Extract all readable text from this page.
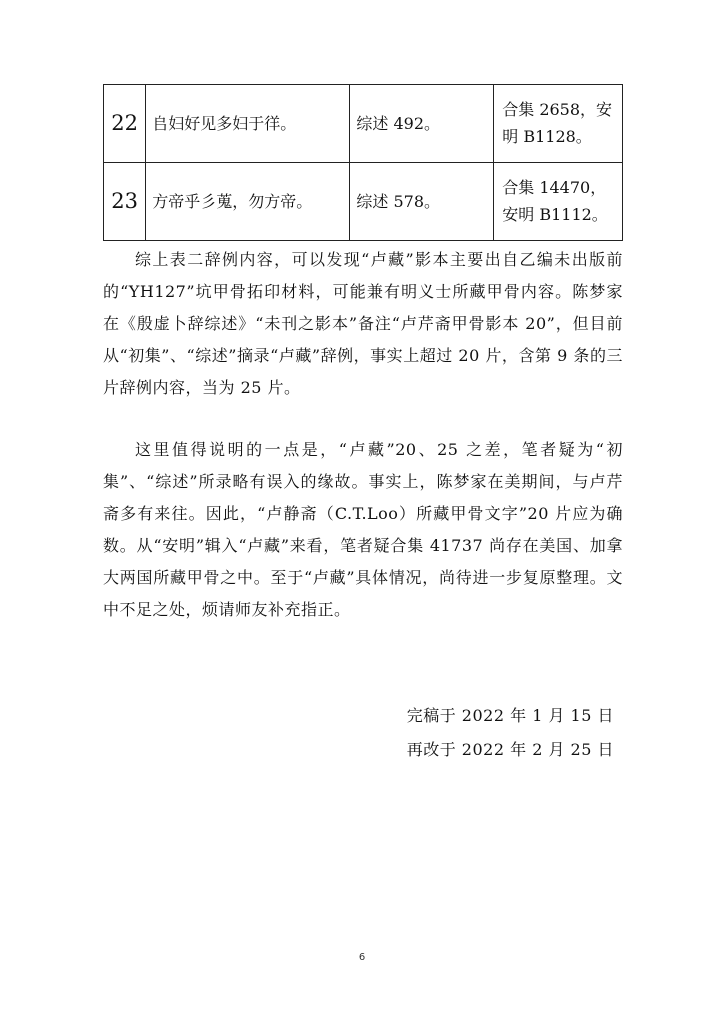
22	𠂤妇好见多妇于徉。	综述 492。	合集 2658，安明 B1128。
23	方帝乎彡蒐，勿方帝。	综述 578。	合集 14470，安明 B1112。

综上表二辞例内容，可以发现“卢藏”影本主要出自乙编未出版前的“YH127”坑甲骨拓印材料，可能兼有明义士所藏甲骨内容。陈梦家在《殷虚卜辞综述》“未刊之影本”备注“卢芹斋甲骨影本 20”，但目前从“初集”、“综述”摘录“卢藏”辞例，事实上超过 20 片，含第 9 条的三片辞例内容，当为 25 片。

这里值得说明的一点是，“卢藏”20、25 之差，笔者疑为“初集”、“综述”所录略有误入的缘故。事实上，陈梦家在美期间，与卢芹斋多有来往。因此，“卢静斋（C.T.Loo）所藏甲骨文字”20 片应为确数。从“安明”辑入“卢藏”来看，笔者疑合集 41737 尚存在美国、加拿大两国所藏甲骨之中。至于“卢藏”具体情况，尚待进一步复原整理。文中不足之处，烦请师友补充指正。

完稿于 2022 年 1 月 15 日
再改于 2022 年 2 月 25 日
6
